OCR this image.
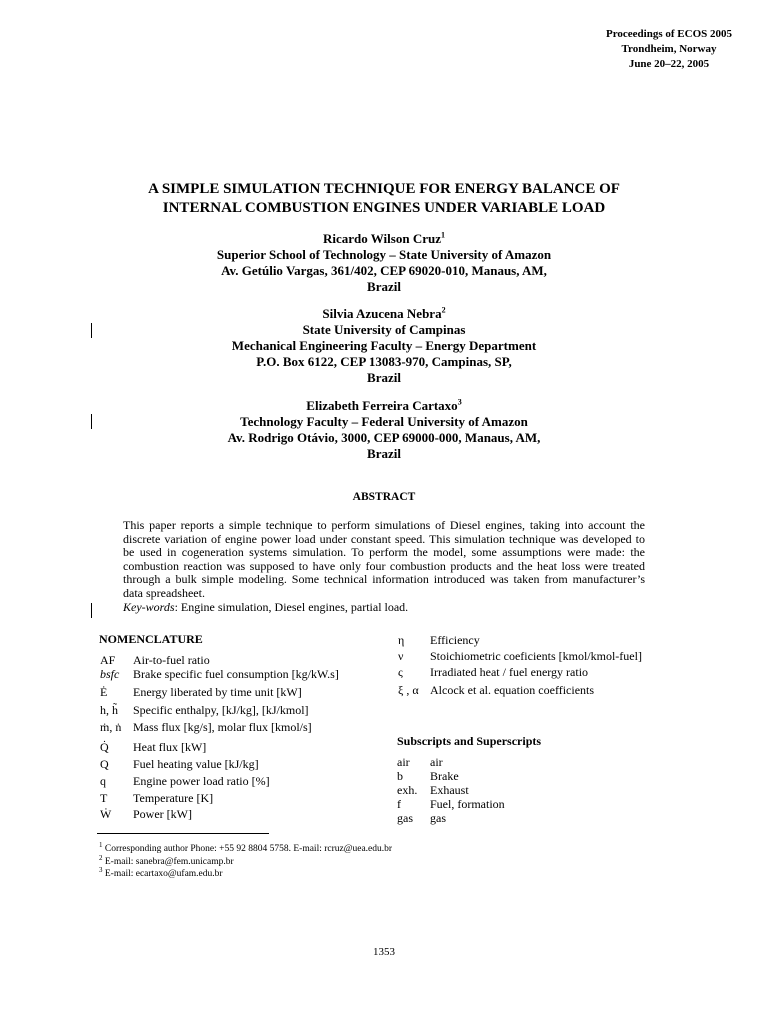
Proceedings of ECOS 2005
Trondheim, Norway
June 20–22, 2005
A SIMPLE SIMULATION TECHNIQUE FOR ENERGY BALANCE OF
INTERNAL COMBUSTION ENGINES UNDER VARIABLE LOAD
Ricardo Wilson Cruz$^1$
Superior School of Technology – State University of Amazon
Av. Getúlio Vargas, 361/402, CEP 69020-010, Manaus, AM,
Brazil
Silvia Azucena Nebra$^2$
State University of Campinas
Mechanical Engineering Faculty – Energy Department
P.O. Box 6122, CEP 13083-970, Campinas, SP,
Brazil
Elizabeth Ferreira Cartaxo$^3$
Technology Faculty – Federal University of Amazon
Av. Rodrigo Otávio, 3000, CEP 69000-000, Manaus, AM,
Brazil
ABSTRACT
This paper reports a simple technique to perform simulations of Diesel engines, taking into account the discrete variation of engine power load under constant speed. This simulation technique was developed to be used in cogeneration systems simulation. To perform the model, some assumptions were made: the combustion reaction was supposed to have only four combustion products and the heat loss were treated through a bulk simple modeling. Some technical information introduced was taken from manufacturer’s data spreadsheet.
Key-words: Engine simulation, Diesel engines, partial load.
NOMENCLATURE
AF Air-to-fuel ratio
bsfc Brake specific fuel consumption [kg/kW.s]
Ė Energy liberated by time unit [kW]
h, h̃ Specific enthalpy, [kJ/kg], [kJ/kmol]
ṁ, ṅ Mass flux [kg/s], molar flux [kmol/s]
Q̇ Heat flux [kW]
Q Fuel heating value [kJ/kg]
q Engine power load ratio [%]
T Temperature [K]
Ẇ Power [kW]
η Efficiency
ν Stoichiometric coeficients [kmol/kmol-fuel]
ς Irradiated heat / fuel energy ratio
ξ , α Alcock et al. equation coefficients
Subscripts and Superscripts
air air
b Brake
exh. Exhaust
f Fuel, formation
gas gas
$^1$ Corresponding author Phone: +55 92 8804 5758. E-mail: rcruz@uea.edu.br
$^2$ E-mail: sanebra@fem.unicamp.br
$^3$ E-mail: ecartaxo@ufam.edu.br
1353
